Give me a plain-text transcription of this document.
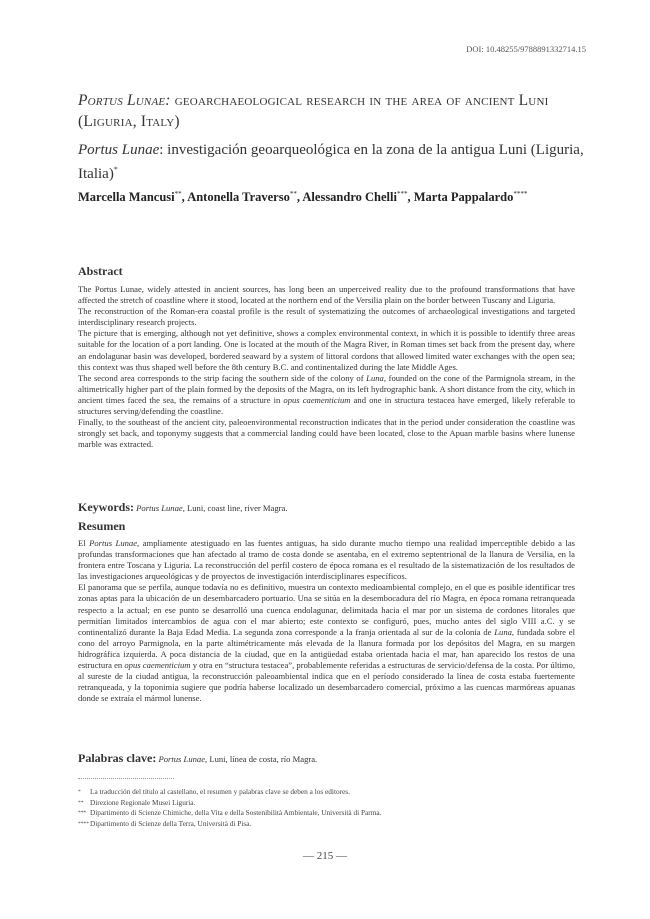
DOI: 10.48255/9788891332714.15
Portus Lunae: geoarchaeological research in the area of ancient Luni (Liguria, Italy)
Portus Lunae: investigación geoarqueológica en la zona de la antigua Luni (Liguria, Italia)*
Marcella Mancusi**, Antonella Traverso**, Alessandro Chelli***, Marta Pappalardo****
Abstract

The Portus Lunae, widely attested in ancient sources, has long been an unperceived reality due to the profound transformations that have affected the stretch of coastline where it stood, located at the northern end of the Versilia plain on the border between Tuscany and Liguria.

The reconstruction of the Roman-era coastal profile is the result of systematizing the outcomes of archaeological investigations and targeted interdisciplinary research projects.

The picture that is emerging, although not yet definitive, shows a complex environmental context, in which it is possible to identify three areas suitable for the location of a port landing. One is located at the mouth of the Magra River, in Roman times set back from the present day, where an endolagunar basin was developed, bordered seaward by a system of littoral cordons that allowed limited water exchanges with the open sea; this context was thus shaped well before the 8th century B.C. and continentalized during the late Middle Ages.

The second area corresponds to the strip facing the southern side of the colony of Luna, founded on the cone of the Parmignola stream, in the altimetrically higher part of the plain formed by the deposits of the Magra, on its left hydrographic bank. A short distance from the city, which in ancient times faced the sea, the remains of a structure in opus caementicium and one in structura testacea have emerged, likely referable to structures serving/defending the coastline.

Finally, to the southeast of the ancient city, paleoenvironmental reconstruction indicates that in the period under consideration the coastline was strongly set back, and toponymy suggests that a commercial landing could have been located, close to the Apuan marble basins where lunense marble was extracted.

Keywords: Portus Lunae, Luni, coast line, river Magra.
Resumen

El Portus Lunae, ampliamente atestiguado en las fuentes antiguas, ha sido durante mucho tiempo una realidad imperceptible debido a las profundas transformaciones que han afectado al tramo de costa donde se asentaba, en el extremo septentrional de la llanura de Versilia, en la frontera entre Toscana y Liguria. La reconstrucción del perfil costero de época romana es el resultado de la sistematización de los resultados de las investigaciones arqueológicas y de proyectos de investigación interdisciplinares específicos.

El panorama que se perfila, aunque todavía no es definitivo, muestra un contexto medioambiental complejo, en el que es posible identificar tres zonas aptas para la ubicación de un desembarcadero portuario. Una se sitúa en la desembocadura del río Magra, en época romana retranqueada respecto a la actual; en ese punto se desarrolló una cuenca endolagunar, delimitada hacia el mar por un sistema de cordones litorales que permitían limitados intercambios de agua con el mar abierto; este contexto se configuró, pues, mucho antes del siglo VIII a.C. y se continentalizó durante la Baja Edad Media. La segunda zona corresponde a la franja orientada al sur de la colonia de Luna, fundada sobre el cono del arroyo Parmignola, en la parte altimétricamente más elevada de la llanura formada por los depósitos del Magra, en su margen hidrográfica izquierda. A poca distancia de la ciudad, que en la antigüedad estaba orientada hacia el mar, han aparecido los restos de una estructura en opus caementicium y otra en “structura testacea”, probablemente referidas a estructuras de servicio/defensa de la costa. Por último, al sureste de la ciudad antigua, la reconstrucción paleoambiental indica que en el período considerado la línea de costa estaba fuertemente retranqueada, y la toponimia sugiere que podría haberse localizado un desembarcadero comercial, próximo a las cuencas marmóreas apuanas donde se extraía el mármol lunense.

Palabras clave: Portus Lunae, Luni, línea de costa, río Magra.
*	La traducción del título al castellano, el resumen y palabras clave se deben a los editores.
** Direzione Regionale Musei Liguria.
*** Dipartimento di Scienze Chimiche, della Vita e della Sostenibilità Ambientale, Università di Parma.
**** Dipartimento di Scienze della Terra, Università di Pisa.
— 215 —
